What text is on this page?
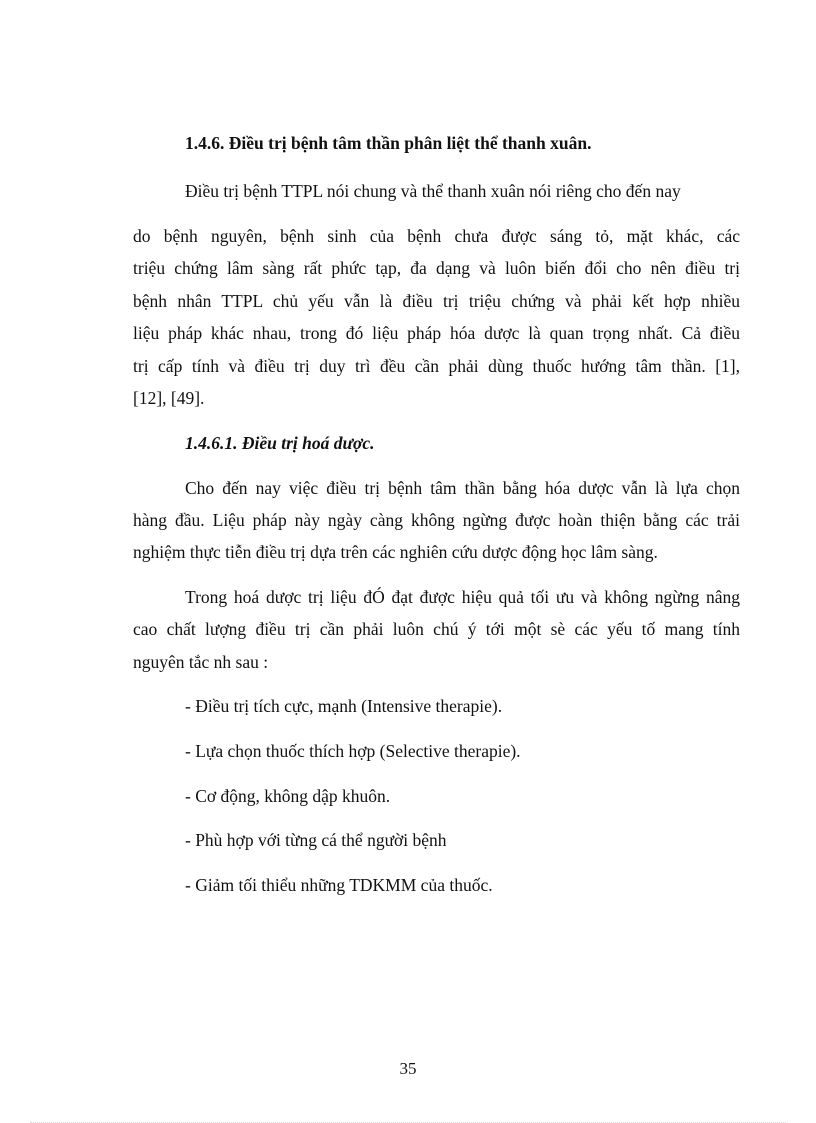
1.4.6. Điều trị bệnh tâm thần phân liệt thể thanh xuân.
Điều trị bệnh TTPL nói chung và thể thanh xuân nói riêng cho đến nay
do bệnh nguyên, bệnh sinh của bệnh chưa được sáng tỏ, mặt khác, các
triệu chứng lâm sàng rất phức tạp, đa dạng và luôn biến đổi cho nên điều trị
bệnh nhân TTPL chủ yếu vẫn là điều trị triệu chứng và phải kết hợp nhiều
liệu pháp khác nhau, trong đó liệu pháp hóa dược là quan trọng nhất. Cả điều
trị cấp tính và điều trị duy trì đều cần phải dùng thuốc hướng tâm thần. [1],
[12], [49].
1.4.6.1. Điều trị hoá dược.
Cho đến nay việc điều trị bệnh tâm thần bằng hóa dược vẫn là lựa chọn
hàng đầu. Liệu pháp này ngày càng không ngừng được hoàn thiện bằng các trải
nghiệm thực tiễn điều trị dựa trên các nghiên cứu dược động học lâm sàng.
Trong hoá dược trị liệu đÓ đạt được hiệu quả tối ưu và không ngừng nâng
cao chất lượng điều trị cần phải luôn chú ý tới một sè các yếu tố mang tính
nguyên tắc nh sau :
- Điều trị tích cực, mạnh (Intensive therapie).
- Lựa chọn thuốc thích hợp (Selective therapie).
- Cơ động, không dập khuôn.
- Phù hợp với từng cá thể người bệnh
- Giảm tối thiểu những TDKMM của thuốc.
35
